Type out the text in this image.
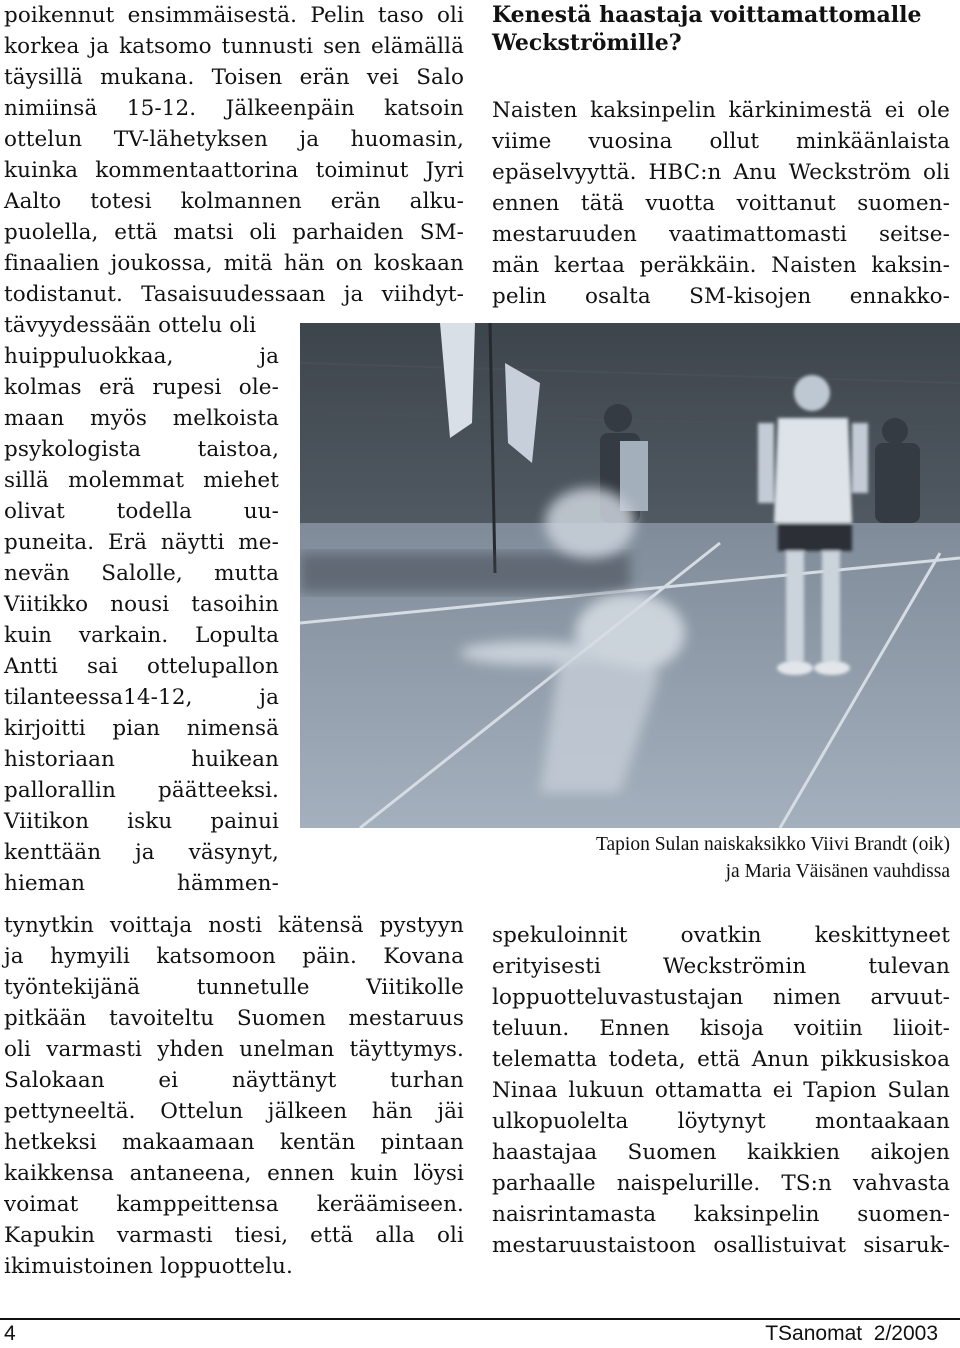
poikennut ensimmäisestä. Pelin taso oli
korkea ja katsomo tunnusti sen elämällä
täysillä mukana. Toisen erän vei Salo
nimiinsä 15-12. Jälkeenpäin katsoin
ottelun TV-lähetyksen ja huomasin,
kuinka kommentaattorina toiminut Jyri
Aalto totesi kolmannen erän alku-
puolella, että matsi oli parhaiden SM-
finaalien joukossa, mitä hän on koskaan
todistanut. Tasaisuudessaan ja viihdyt-
tävyydessään ottelu oli
huippuluokkaa, ja
kolmas erä rupesi ole-
maan myös melkoista
psykologista taistoa,
sillä molemmat miehet
olivat todella uu-
puneita. Erä näytti me-
nevän Salolle, mutta
Viitikko nousi tasoihin
kuin varkain. Lopulta
Antti sai ottelupallon
tilanteessa14-12, ja
kirjoitti pian nimensä
historiaan huikean
pallorallin päätteeksi.
Viitikon isku painui
kenttään ja väsynyt,
hieman hämmen-
tynytkin voittaja nosti kätensä pystyyn
ja hymyili katsomoon päin. Kovana
työntekijänä tunnetulle Viitikolle
pitkään tavoiteltu Suomen mestaruus
oli varmasti yhden unelman täyttymys.
Salokaan ei näyttänyt turhan
pettyneeltä. Ottelun jälkeen hän jäi
hetkeksi makaamaan kentän pintaan
kaikkensa antaneena, ennen kuin löysi
voimat kamppeittensa keräämiseen.
Kapukin varmasti tiesi, että alla oli
ikimuistoinen loppuottelu.
Kenestä haastaja voittamattomalle
Weckströmille?
Naisten kaksinpelin kärkinimestä ei ole
viime vuosina ollut minkäänlaista
epäselvyyttä. HBC:n Anu Weckström oli
ennen tätä vuotta voittanut suomen-
mestaruuden vaatimattomasti seitse-
män kertaa peräkkäin. Naisten kaksin-
pelin osalta SM-kisojen ennakko-
Tapion Sulan naiskaksikko Viivi Brandt (oik)
ja Maria Väisänen vauhdissa
spekuloinnit ovatkin keskittyneet
erityisesti Weckströmin tulevan
loppuotteluvastustajan nimen arvuut-
teluun. Ennen kisoja voitiin liioit-
telematta todeta, että Anun pikkusiskoa
Ninaa lukuun ottamatta ei Tapion Sulan
ulkopuolelta löytynyt montaakaan
haastajaa Suomen kaikkien aikojen
parhaalle naispelurille. TS:n vahvasta
naisrintamasta kaksinpelin suomen-
mestaruustaistoon osallistuivat sisaruk-
4	TSanomat  2/2003
